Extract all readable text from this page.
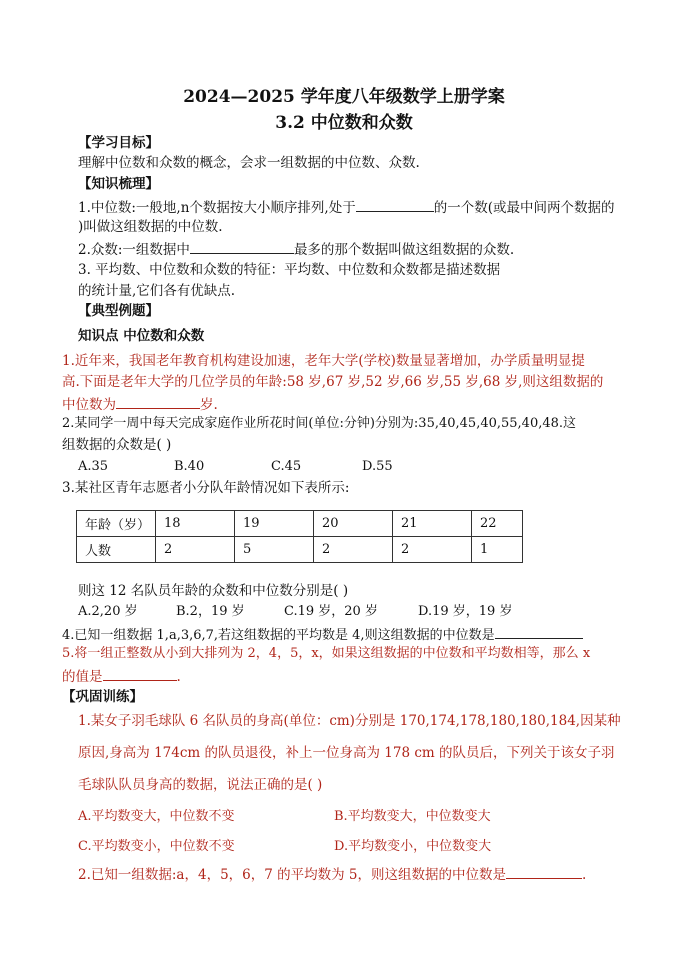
2024—2025 学年度八年级数学上册学案
3.2 中位数和众数
【学习目标】
理解中位数和众数的概念，会求一组数据的中位数、众数.
【知识梳理】
1.中位数:一般地,n个数据按大小顺序排列,处于	的一个数(或最中间两个数据的
)叫做这组数据的中位数.
2.众数:一组数据中	最多的那个数据叫做这组数据的众数.
3. 平均数、中位数和众数的特征：平均数、中位数和众数都是描述数据
的统计量,它们各有优缺点.
【典型例题】
知识点 中位数和众数
1.近年来，我国老年教育机构建设加速，老年大学(学校)数量显著增加，办学质量明显提
高.下面是老年大学的几位学员的年龄:58 岁,67 岁,52 岁,66 岁,55 岁,68 岁,则这组数据的
中位数为	岁.
2.某同学一周中每天完成家庭作业所花时间(单位:分钟)分别为:35,40,45,40,55,40,48.这
组数据的众数是( )
A.35	B.40	C.45	D.55
3.某社区青年志愿者小分队年龄情况如下表所示:
年龄（岁）	18	19	20	21	22
人数	2	5	2	2	1
则这 12 名队员年龄的众数和中位数分别是( )
A.2,20 岁	B.2，19 岁	C.19 岁，20 岁	D.19 岁，19 岁
4.已知一组数据 1,a,3,6,7,若这组数据的平均数是 4,则这组数据的中位数是
5.将一组正整数从小到大排列为 2，4，5，x，如果这组数据的中位数和平均数相等，那么 x
的值是	.
【巩固训练】
1.某女子羽毛球队 6 名队员的身高(单位：cm)分别是 170,174,178,180,180,184,因某种
原因,身高为 174cm 的队员退役，补上一位身高为 178 cm 的队员后，下列关于该女子羽
毛球队队员身高的数据，说法正确的是( )
A.平均数变大，中位数不变	B.平均数变大，中位数变大
C.平均数变小，中位数不变	D.平均数变小，中位数变大
2.已知一组数据:a，4，5，6，7 的平均数为 5，则这组数据的中位数是	.
